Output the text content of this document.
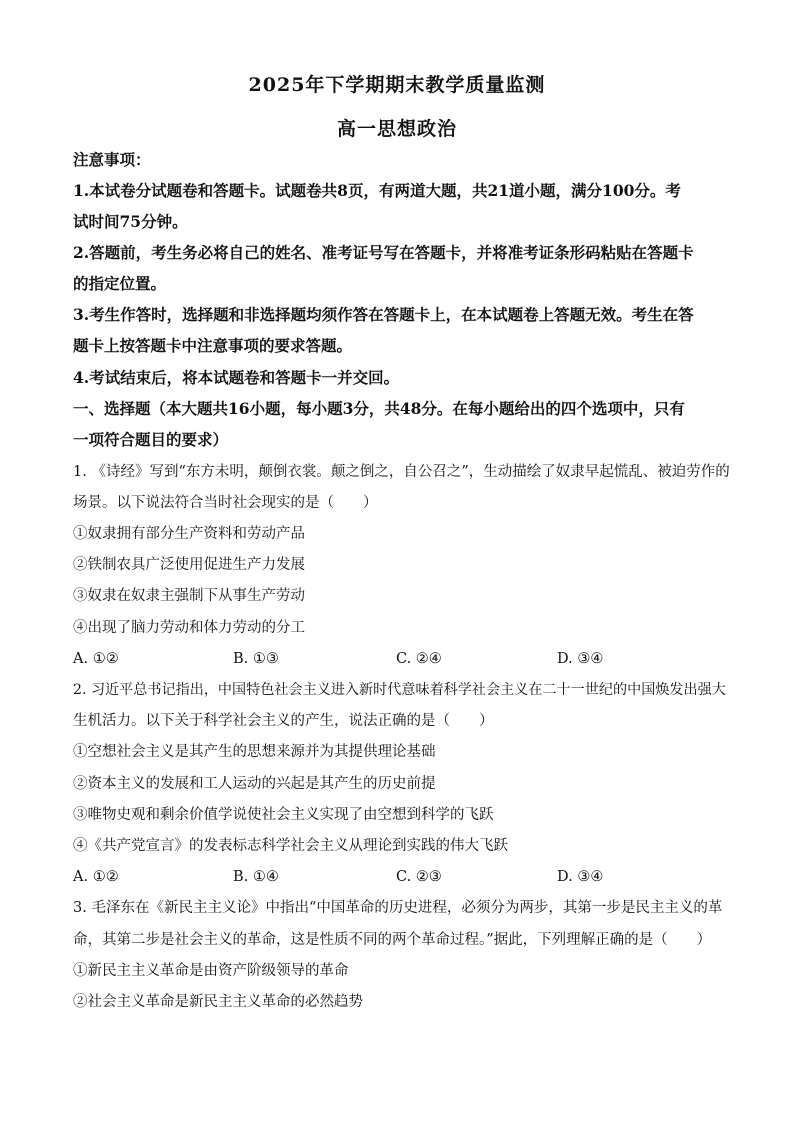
2025年下学期期末教学质量监测
高一思想政治
注意事项：
1.本试卷分试题卷和答题卡。试题卷共8页，有两道大题，共21道小题，满分100分。考
试时间75分钟。
2.答题前，考生务必将自己的姓名、准考证号写在答题卡，并将准考证条形码粘贴在答题卡
的指定位置。
3.考生作答时，选择题和非选择题均须作答在答题卡上，在本试题卷上答题无效。考生在答
题卡上按答题卡中注意事项的要求答题。
4.考试结束后，将本试题卷和答题卡一并交回。
一、选择题（本大题共16小题，每小题3分，共48分。在每小题给出的四个选项中，只有
一项符合题目的要求）
1. 《诗经》写到“东方未明，颠倒衣裳。颠之倒之，自公召之”，生动描绘了奴隶早起慌乱、被迫劳作的
场景。以下说法符合当时社会现实的是（　　）
①奴隶拥有部分生产资料和劳动产品
②铁制农具广泛使用促进生产力发展
③奴隶在奴隶主强制下从事生产劳动
④出现了脑力劳动和体力劳动的分工
A. ①②	B. ①③	C. ②④	D. ③④
2. 习近平总书记指出，中国特色社会主义进入新时代意味着科学社会主义在二十一世纪的中国焕发出强大
生机活力。以下关于科学社会主义的产生，说法正确的是（　　）
①空想社会主义是其产生的思想来源并为其提供理论基础
②资本主义的发展和工人运动的兴起是其产生的历史前提
③唯物史观和剩余价值学说使社会主义实现了由空想到科学的飞跃
④《共产党宣言》的发表标志科学社会主义从理论到实践的伟大飞跃
A. ①②	B. ①④	C. ②③	D. ③④
3. 毛泽东在《新民主主义论》中指出“中国革命的历史进程，必须分为两步，其第一步是民主主义的革
命，其第二步是社会主义的革命，这是性质不同的两个革命过程。”据此，下列理解正确的是（　　）
①新民主主义革命是由资产阶级领导的革命
②社会主义革命是新民主主义革命的必然趋势
